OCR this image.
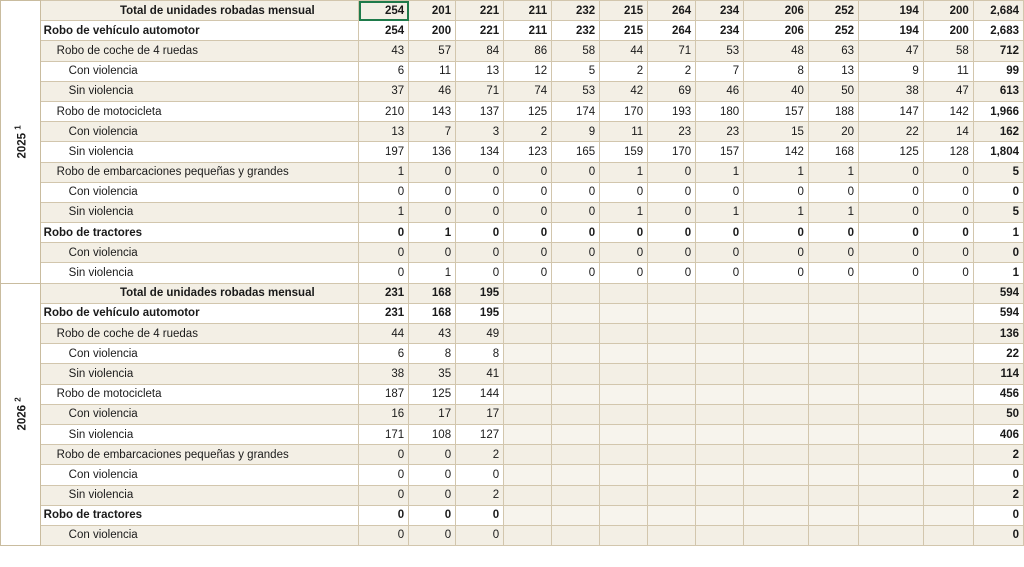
2025 $^1$	Total de unidades robadas mensual	254	201	221	211	232	215	264	234	206	252	194	200	2,684
	Robo de vehículo automotor	254	200	221	211	232	215	264	234	206	252	194	200	2,683
	Robo de coche de 4 ruedas	43	57	84	86	58	44	71	53	48	63	47	58	712
	Con violencia	6	11	13	12	5	2	2	7	8	13	9	11	99
	Sin violencia	37	46	71	74	53	42	69	46	40	50	38	47	613
	Robo de motocicleta	210	143	137	125	174	170	193	180	157	188	147	142	1,966
	Con violencia	13	7	3	2	9	11	23	23	15	20	22	14	162
	Sin violencia	197	136	134	123	165	159	170	157	142	168	125	128	1,804
	Robo de embarcaciones pequeñas y grandes	1	0	0	0	0	1	0	1	1	1	0	0	5
	Con violencia	0	0	0	0	0	0	0	0	0	0	0	0	0
	Sin violencia	1	0	0	0	0	1	0	1	1	1	0	0	5
	Robo de tractores	0	1	0	0	0	0	0	0	0	0	0	0	1
	Con violencia	0	0	0	0	0	0	0	0	0	0	0	0	0
	Sin violencia	0	1	0	0	0	0	0	0	0	0	0	0	1
2026 $^2$	Total de unidades robadas mensual	231	168	195										594
	Robo de vehículo automotor	231	168	195										594
	Robo de coche de 4 ruedas	44	43	49										136
	Con violencia	6	8	8										22
	Sin violencia	38	35	41										114
	Robo de motocicleta	187	125	144										456
	Con violencia	16	17	17										50
	Sin violencia	171	108	127										406
	Robo de embarcaciones pequeñas y grandes	0	0	2										2
	Con violencia	0	0	0										0
	Sin violencia	0	0	2										2
	Robo de tractores	0	0	0										0
	Con violencia	0	0	0										0
